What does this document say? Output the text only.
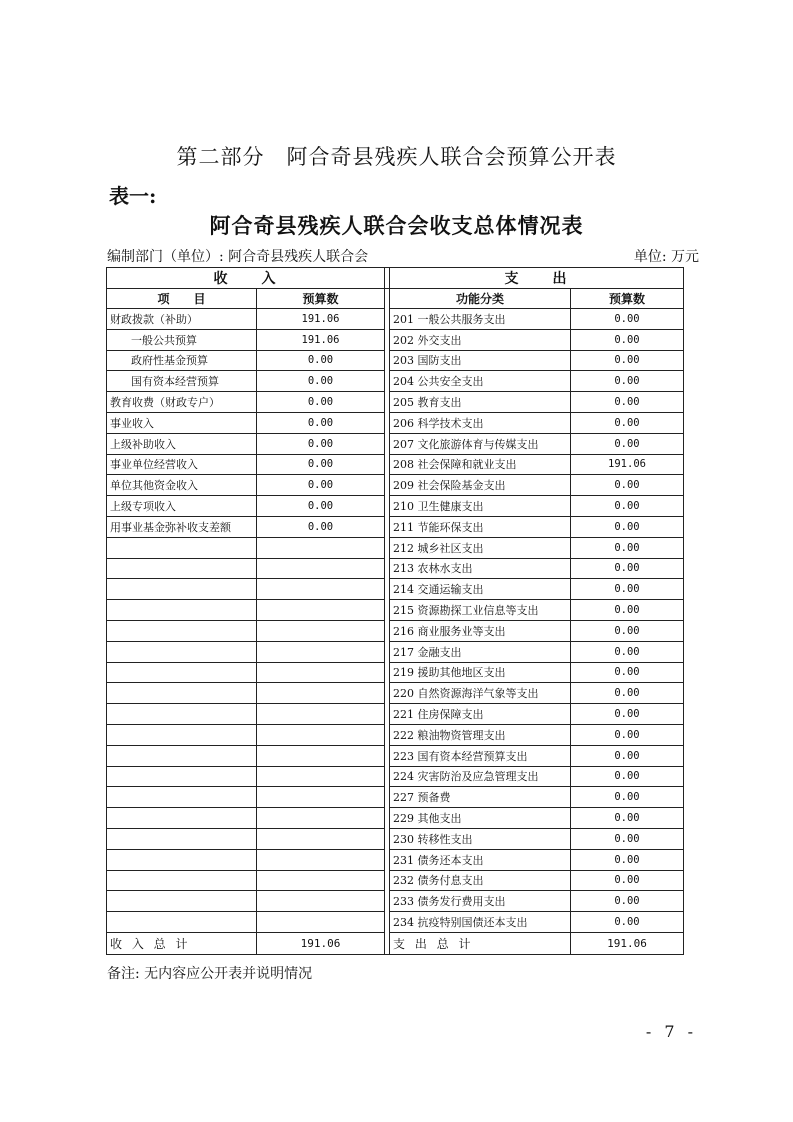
第二部分　阿合奇县残疾人联合会预算公开表
表一:
阿合奇县残疾人联合会收支总体情况表
编制部门（单位）: 阿合奇县残疾人联合会	单位: 万元
收　　入			支　　出	
项　　目	预算数		功能分类	预算数
财政拨款（补助）	191.06		201 一般公共服务支出	0.00
一般公共预算	191.06		202 外交支出	0.00
政府性基金预算	0.00		203 国防支出	0.00
国有资本经营预算	0.00		204 公共安全支出	0.00
教育收费（财政专户）	0.00		205 教育支出	0.00
事业收入	0.00		206 科学技术支出	0.00
上级补助收入	0.00		207 文化旅游体育与传媒支出	0.00
事业单位经营收入	0.00		208 社会保障和就业支出	191.06
单位其他资金收入	0.00		209 社会保险基金支出	0.00
上级专项收入	0.00		210 卫生健康支出	0.00
用事业基金弥补收支差额	0.00		211 节能环保支出	0.00
			212 城乡社区支出	0.00
			213 农林水支出	0.00
			214 交通运输支出	0.00
			215 资源勘探工业信息等支出	0.00
			216 商业服务业等支出	0.00
			217 金融支出	0.00
			219 援助其他地区支出	0.00
			220 自然资源海洋气象等支出	0.00
			221 住房保障支出	0.00
			222 粮油物资管理支出	0.00
			223 国有资本经营预算支出	0.00
			224 灾害防治及应急管理支出	0.00
			227 预备费	0.00
			229 其他支出	0.00
			230 转移性支出	0.00
			231 债务还本支出	0.00
			232 债务付息支出	0.00
			233 债务发行费用支出	0.00
			234 抗疫特别国债还本支出	0.00
收 入 总 计	191.06		支 出 总 计	191.06
备注: 无内容应公开表并说明情况
- 7 -
